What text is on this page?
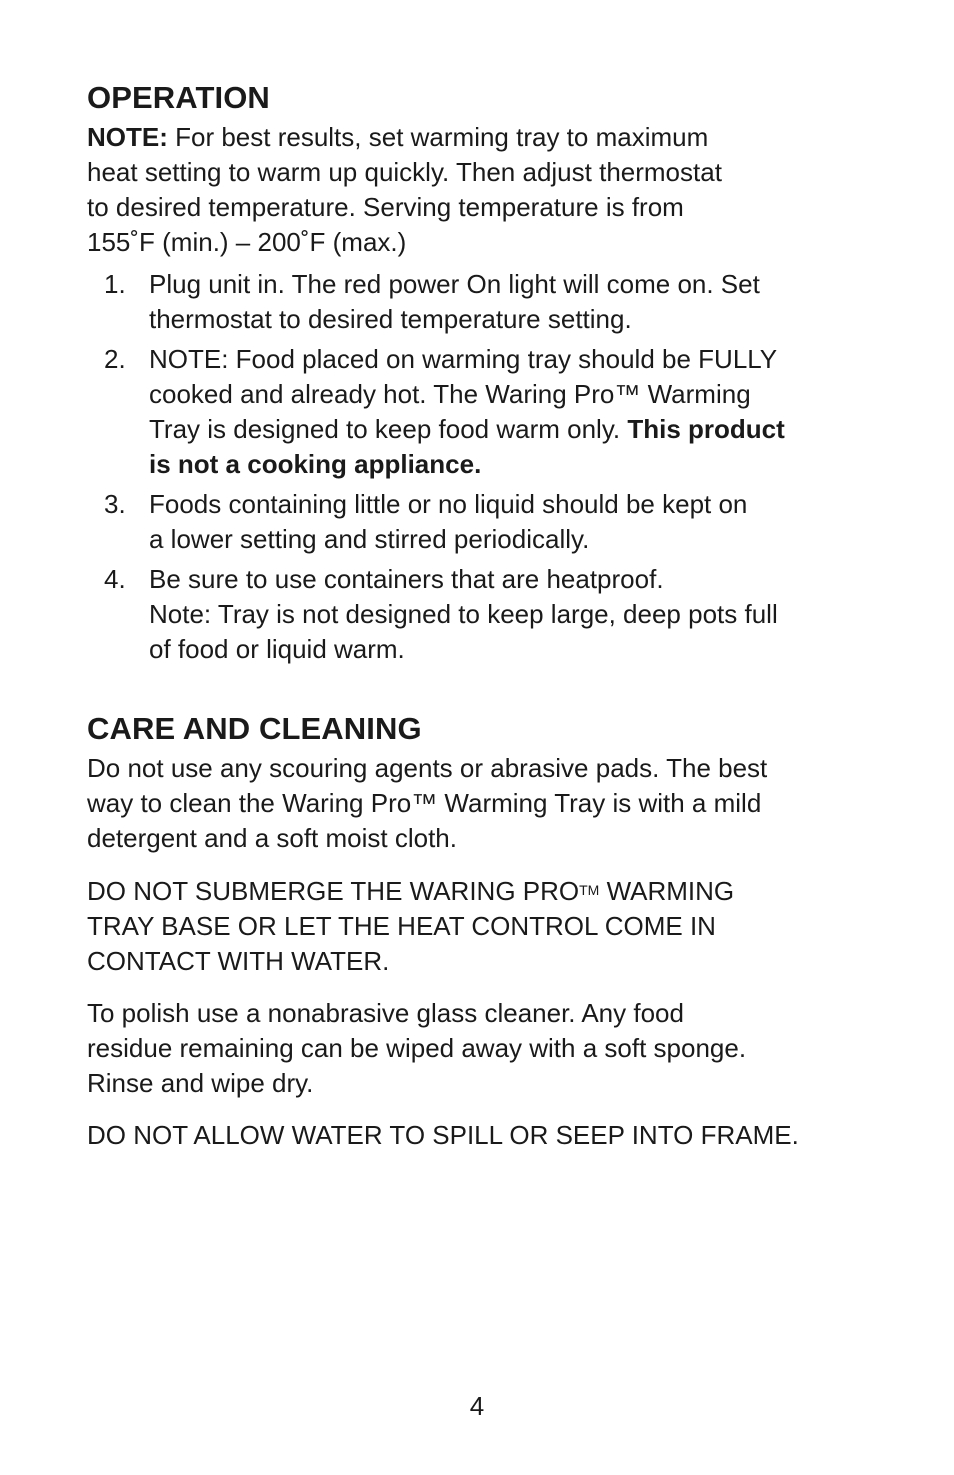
OPERATION

NOTE: For best results, set warming tray to maximum
heat setting to warm up quickly. Then adjust thermostat
to desired temperature. Serving temperature is from
155˚F (min.) – 200˚F (max.)

1. Plug unit in. The red power On light will come on. Set
thermostat to desired temperature setting.
2. NOTE: Food placed on warming tray should be FULLY
cooked and already hot. The Waring Pro™ Warming
Tray is designed to keep food warm only. This product
is not a cooking appliance.
3. Foods containing little or no liquid should be kept on
a lower setting and stirred periodically.
4. Be sure to use containers that are heatproof.
Note: Tray is not designed to keep large, deep pots full
of food or liquid warm.
CARE AND CLEANING

Do not use any scouring agents or abrasive pads. The best
way to clean the Waring Pro™ Warming Tray is with a mild
detergent and a soft moist cloth.

DO NOT SUBMERGE THE WARING PROTM WARMING
TRAY BASE OR LET THE HEAT CONTROL COME IN
CONTACT WITH WATER.

To polish use a nonabrasive glass cleaner. Any food
residue remaining can be wiped away with a soft sponge.
Rinse and wipe dry.

DO NOT ALLOW WATER TO SPILL OR SEEP INTO FRAME.

4
